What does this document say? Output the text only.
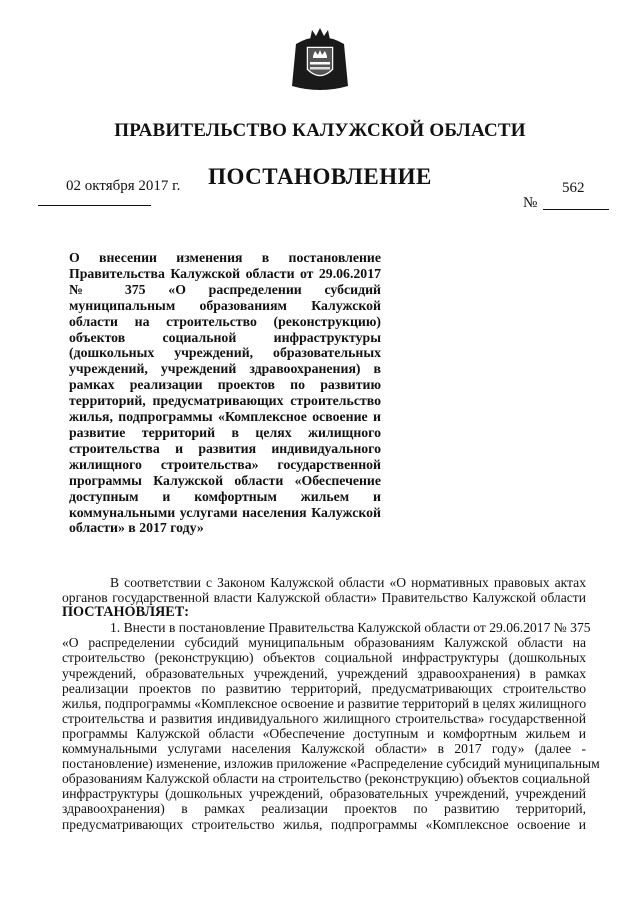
ПРАВИТЕЛЬСТВО КАЛУЖСКОЙ ОБЛАСТИ
ПОСТАНОВЛЕНИЕ
02 октября 2017 г.	562
№
О внесении изменения в постановление
Правительства Калужской области от 29.06.2017
№ 375 «О распределении субсидий
муниципальным образованиям Калужской
области на строительство (реконструкцию)
объектов социальной инфраструктуры
(дошкольных учреждений, образовательных
учреждений, учреждений здравоохранения) в
рамках реализации проектов по развитию
территорий, предусматривающих строительство
жилья, подпрограммы «Комплексное освоение и
развитие территорий в целях жилищного
строительства и развития индивидуального
жилищного строительства» государственной
программы Калужской области «Обеспечение
доступным и комфортным жильем и
коммунальными услугами населения Калужской
области» в 2017 году»
В соответствии с Законом Калужской области «О нормативных правовых актах
органов государственной власти Калужской области» Правительство Калужской области
ПОСТАНОВЛЯЕТ:
1. Внести в постановление Правительства Калужской области от 29.06.2017 № 375
«О распределении субсидий муниципальным образованиям Калужской области на
строительство (реконструкцию) объектов социальной инфраструктуры (дошкольных
учреждений, образовательных учреждений, учреждений здравоохранения) в рамках
реализации проектов по развитию территорий, предусматривающих строительство
жилья, подпрограммы «Комплексное освоение и развитие территорий в целях жилищного
строительства и развития индивидуального жилищного строительства» государственной
программы Калужской области «Обеспечение доступным и комфортным жильем и
коммунальными услугами населения Калужской области» в 2017 году» (далее -
постановление) изменение, изложив приложение «Распределение субсидий муниципальным
образованиям Калужской области на строительство (реконструкцию) объектов социальной
инфраструктуры (дошкольных учреждений, образовательных учреждений, учреждений
здравоохранения) в рамках реализации проектов по развитию территорий,
предусматривающих строительство жилья, подпрограммы «Комплексное освоение и
